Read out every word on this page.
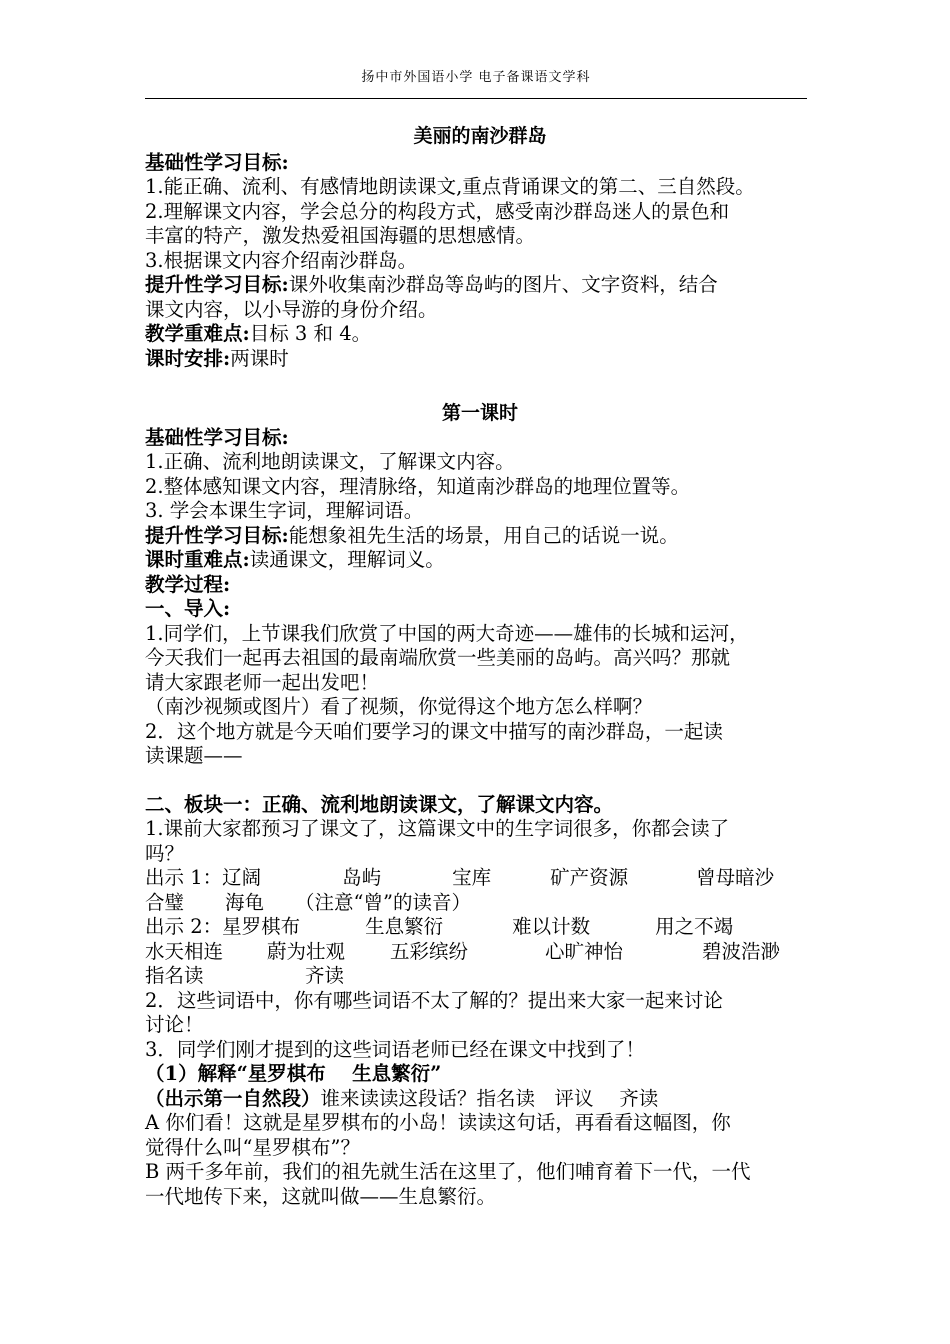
扬中市外国语小学 电子备课语文学科
美丽的南沙群岛
基础性学习目标:
1.能正确、流利、有感情地朗读课文,重点背诵课文的第二、三自然段。
2.理解课文内容，学会总分的构段方式，感受南沙群岛迷人的景色和
丰富的特产，激发热爱祖国海疆的思想感情。
3.根据课文内容介绍南沙群岛。
提升性学习目标:课外收集南沙群岛等岛屿的图片、文字资料，结合
课文内容，以小导游的身份介绍。
教学重难点:目标 3 和 4。
课时安排:两课时
第一课时
基础性学习目标:
1.正确、流利地朗读课文，了解课文内容。
2.整体感知课文内容，理清脉络，知道南沙群岛的地理位置等。
3. 学会本课生字词，理解词语。
提升性学习目标:能想象祖先生活的场景，用自己的话说一说。
课时重难点:读通课文，理解词义。
教学过程:
一、导入:
1.同学们，上节课我们欣赏了中国的两大奇迹——雄伟的长城和运河，
今天我们一起再去祖国的最南端欣赏一些美丽的岛屿。高兴吗？那就
请大家跟老师一起出发吧！
（南沙视频或图片）看了视频，你觉得这个地方怎么样啊？
2．这个地方就是今天咱们要学习的课文中描写的南沙群岛，一起读
读课题——
二、板块一：正确、流利地朗读课文，了解课文内容。
1.课前大家都预习了课文了，这篇课文中的生字词很多，你都会读了
吗？
出示 1：辽阔	岛屿	宝库	矿产资源	曾母暗沙
合璧 海龟 （注意“曾”的读音）
出示 2：星罗棋布	生息繁衍	难以计数	用之不竭
水天相连 蔚为壮观 五彩缤纷	心旷神怡	碧波浩渺
指名读	齐读
2．这些词语中，你有哪些词语不太了解的？提出来大家一起来讨论
讨论！
3．同学们刚才提到的这些词语老师已经在课文中找到了！
（1）解释“星罗棋布　 生息繁衍”
（出示第一自然段）谁来读读这段话？指名读　评议　 齐读
A 你们看！这就是星罗棋布的小岛！读读这句话，再看看这幅图，你
觉得什么叫“星罗棋布”？
B 两千多年前，我们的祖先就生活在这里了，他们哺育着下一代，一代
一代地传下来，这就叫做——生息繁衍。
